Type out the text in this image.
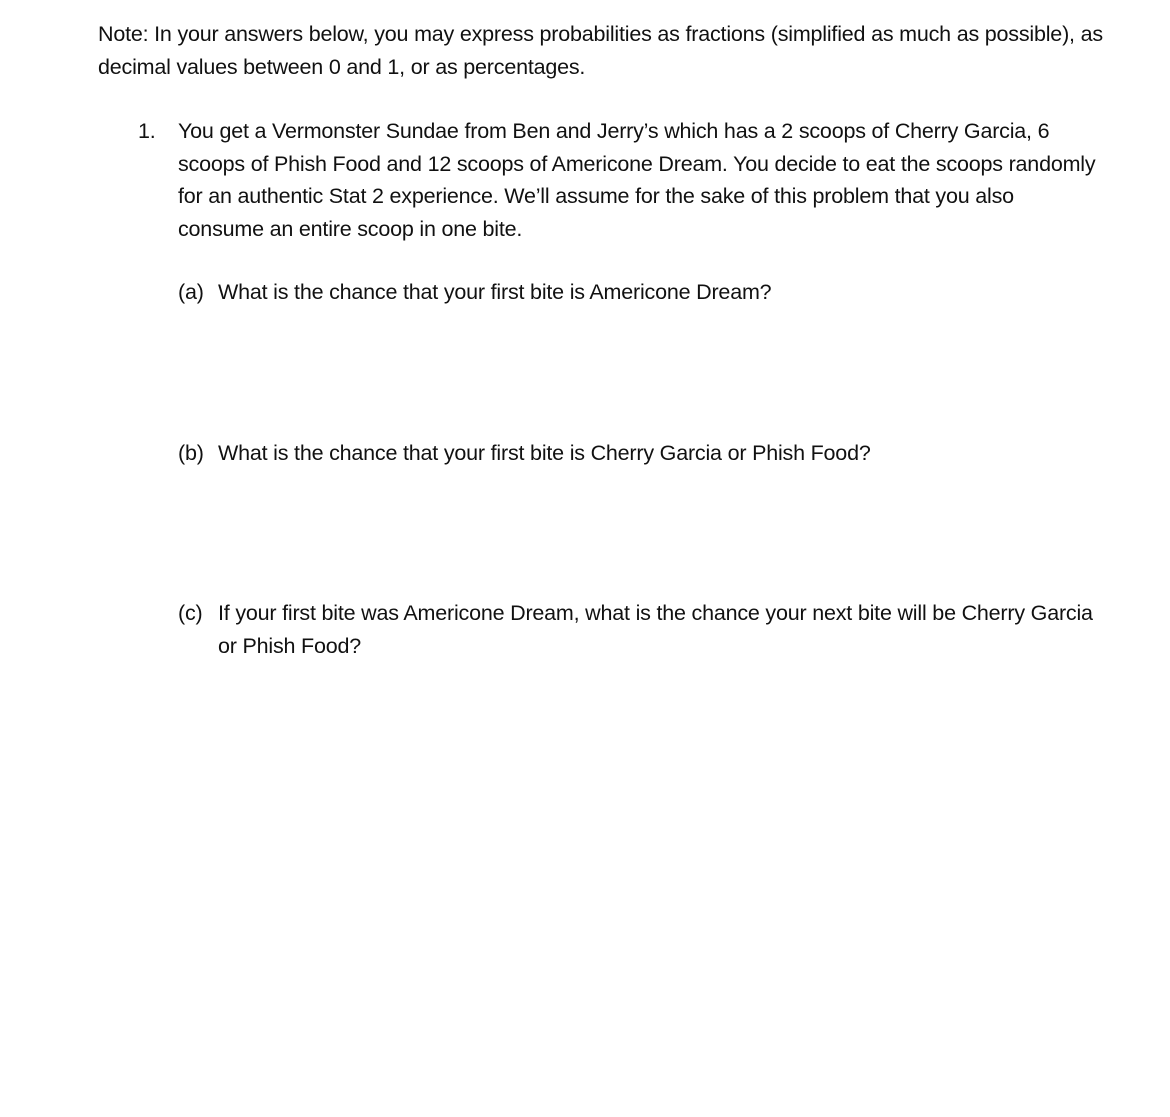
Note: In your answers below, you may express probabilities as fractions (simplified as much as possible), as decimal values between 0 and 1, or as percentages.
1. You get a Vermonster Sundae from Ben and Jerry’s which has a 2 scoops of Cherry Garcia, 6 scoops of Phish Food and 12 scoops of Americone Dream. You decide to eat the scoops randomly for an authentic Stat 2 experience. We’ll assume for the sake of this problem that you also consume an entire scoop in one bite.
(a) What is the chance that your first bite is Americone Dream?
(b) What is the chance that your first bite is Cherry Garcia or Phish Food?
(c) If your first bite was Americone Dream, what is the chance your next bite will be Cherry Garcia or Phish Food?
